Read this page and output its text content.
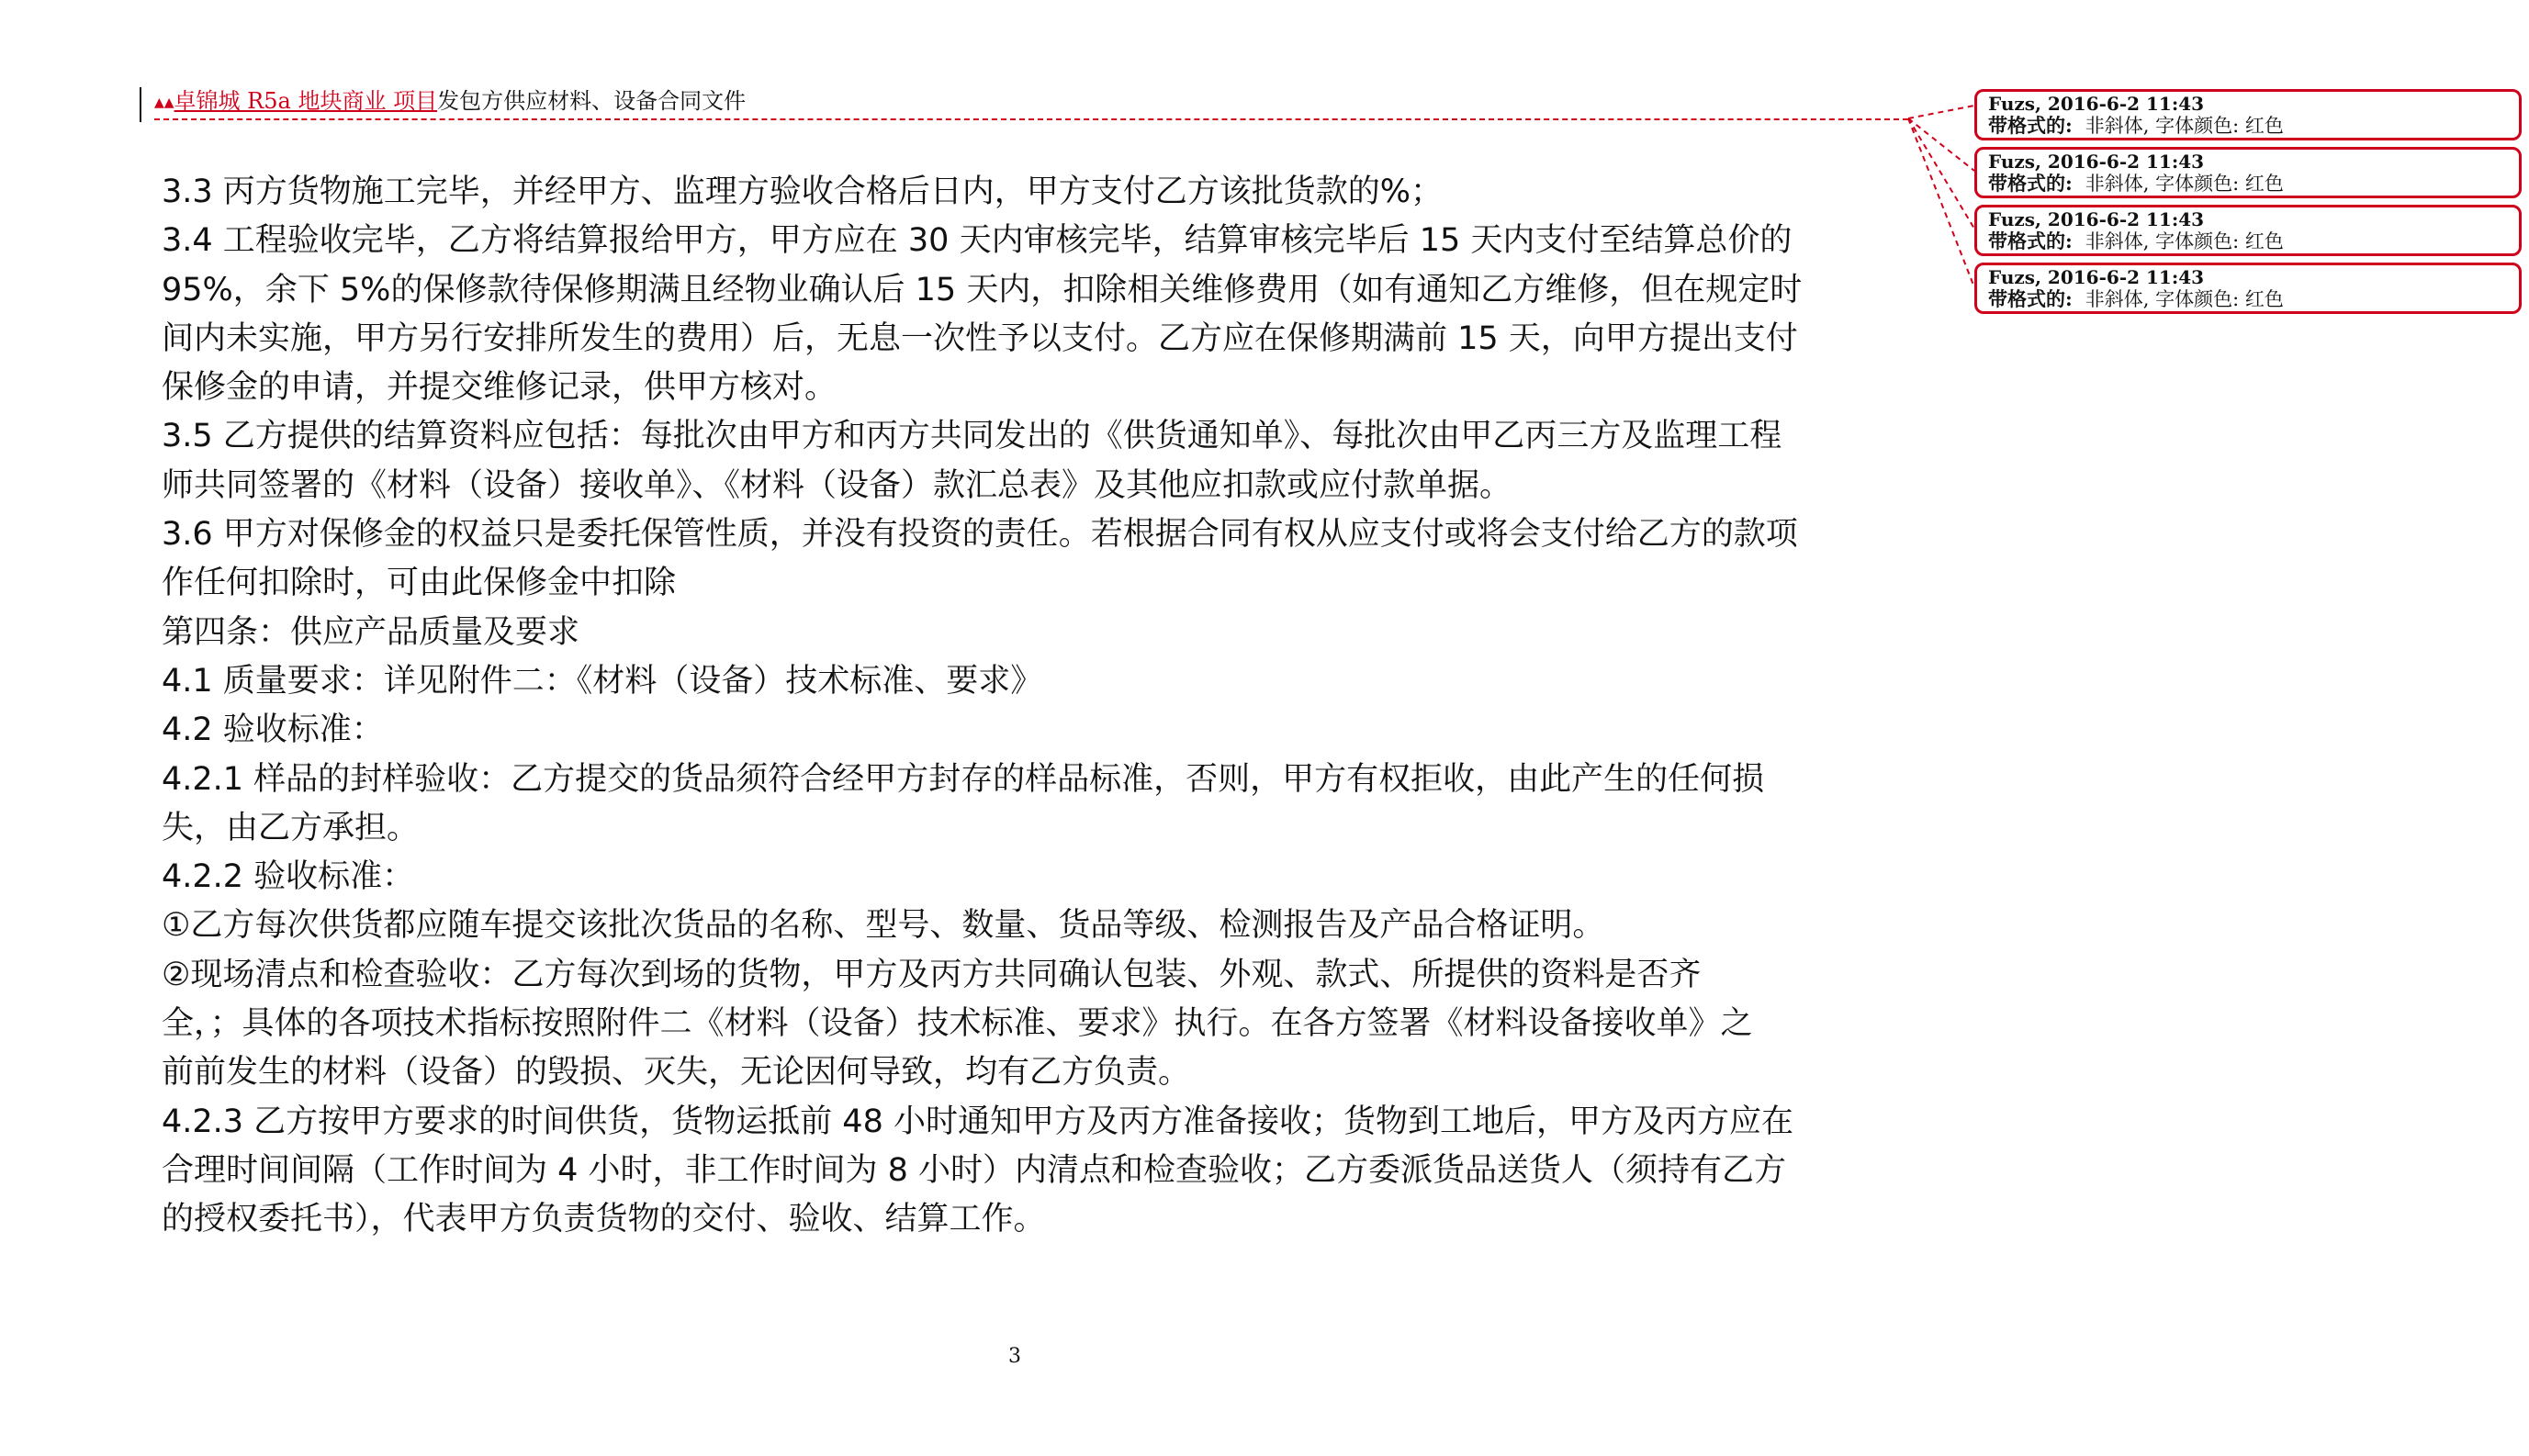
▲▲卓锦城 R5a 地块商业 项目发包方供应材料、设备合同文件

3.3 丙方货物施工完毕，并经甲方、监理方验收合格后日内，甲方支付乙方该批货款的%；

3.4 工程验收完毕，乙方将结算报给甲方，甲方应在 30 天内审核完毕，结算审核完毕后 15 天内支付至结算总价的

95%，余下 5%的保修款待保修期满且经物业确认后 15 天内，扣除相关维修费用（如有通知乙方维修，但在规定时

间内未实施，甲方另行安排所发生的费用）后，无息一次性予以支付。乙方应在保修期满前 15 天，向甲方提出支付

保修金的申请，并提交维修记录，供甲方核对。

3.5 乙方提供的结算资料应包括：每批次由甲方和丙方共同发出的《供货通知单》、每批次由甲乙丙三方及监理工程

师共同签署的《材料（设备）接收单》、《材料（设备）款汇总表》及其他应扣款或应付款单据。

3.6 甲方对保修金的权益只是委托保管性质，并没有投资的责任。若根据合同有权从应支付或将会支付给乙方的款项

作任何扣除时，可由此保修金中扣除

第四条：供应产品质量及要求

4.1 质量要求：详见附件二：《材料（设备）技术标准、要求》

4.2 验收标准：

4.2.1 样品的封样验收：乙方提交的货品须符合经甲方封存的样品标准，否则，甲方有权拒收，由此产生的任何损

失，由乙方承担。

4.2.2 验收标准：

①乙方每次供货都应随车提交该批次货品的名称、型号、数量、货品等级、检测报告及产品合格证明。

②现场清点和检查验收：乙方每次到场的货物，甲方及丙方共同确认包装、外观、款式、所提供的资料是否齐

全，；具体的各项技术指标按照附件二《材料（设备）技术标准、要求》执行。在各方签署《材料设备接收单》之

前前发生的材料（设备）的毁损、灭失，无论因何导致，均有乙方负责。

4.2.3 乙方按甲方要求的时间供货，货物运抵前 48 小时通知甲方及丙方准备接收；货物到工地后，甲方及丙方应在

合理时间间隔（工作时间为 4 小时，非工作时间为 8 小时）内清点和检查验收；乙方委派货品送货人（须持有乙方

的授权委托书），代表甲方负责货物的交付、验收、结算工作。

3
Fuzs, 2016-6-2 11:43
带格式的: 非斜体, 字体颜色: 红色
Fuzs, 2016-6-2 11:43
带格式的: 非斜体, 字体颜色: 红色
Fuzs, 2016-6-2 11:43
带格式的: 非斜体, 字体颜色: 红色
Fuzs, 2016-6-2 11:43
带格式的: 非斜体, 字体颜色: 红色
